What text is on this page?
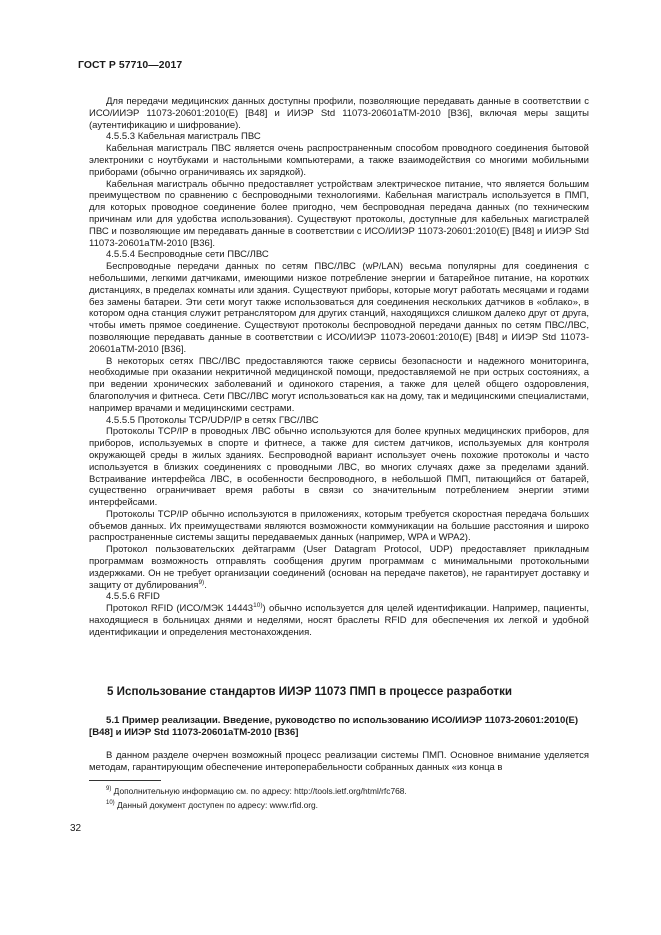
ГОСТ Р 57710—2017

Для передачи медицинских данных доступны профили, позволяющие передавать данные в соответствии с ИСО/ИИЭР 11073-20601:2010(Е) [В48] и ИИЭР Std 11073-20601aTM-2010 [B36], включая меры защиты (аутентификацию и шифрование).

4.5.5.3 Кабельная магистраль ПВС

Кабельная магистраль ПВС является очень распространенным способом проводного соединения бытовой электроники с ноутбуками и настольными компьютерами, а также взаимодействия со многими мобильными приборами (обычно ограничиваясь их зарядкой).

Кабельная магистраль обычно предоставляет устройствам электрическое питание, что является большим преимуществом по сравнению с беспроводными технологиями. Кабельная магистраль используется в ПМП, для которых проводное соединение более пригодно, чем беспроводная передача данных (по техническим причинам или для удобства использования). Существуют протоколы, доступные для кабельных магистралей ПВС и позволяющие им передавать данные в соответствии с ИСО/ИИЭР 11073-20601:2010(Е) [В48] и ИИЭР Std 11073-20601aTM-2010 [B36].

4.5.5.4 Беспроводные сети ПВС/ЛВС

Беспроводные передачи данных по сетям ПВС/ЛВС (wP/LAN) весьма популярны для соединения с небольшими, легкими датчиками, имеющими низкое потребление энергии и батарейное питание, на коротких дистанциях, в пределах комнаты или здания. Существуют приборы, которые могут работать месяцами и годами без замены батареи. Эти сети могут также использоваться для соединения нескольких датчиков в «облако», в котором одна станция служит ретранслятором для других станций, находящихся слишком далеко друг от друга, чтобы иметь прямое соединение. Существуют протоколы беспроводной передачи данных по сетям ПВС/ЛВС, позволяющие передавать данные в соответствии с ИСО/ИИЭР 11073-20601:2010(Е) [В48] и ИИЭР Std 11073-20601aTM-2010 [B36].

В некоторых сетях ПВС/ЛВС предоставляются также сервисы безопасности и надежного мониторинга, необходимые при оказании некритичной медицинской помощи, предоставляемой не при острых состояниях, а при ведении хронических заболеваний и одинокого старения, а также для целей общего оздоровления, благополучия и фитнеса. Сети ПВС/ЛВС могут использоваться как на дому, так и медицинскими специалистами, например врачами и медицинскими сестрами.

4.5.5.5 Протоколы TCP/UDP/IP в сетях ГВС/ЛВС

Протоколы TCP/IP в проводных ЛВС обычно используются для более крупных медицинских приборов, для приборов, используемых в спорте и фитнесе, а также для систем датчиков, используемых для контроля окружающей среды в жилых зданиях. Беспроводной вариант использует очень похожие протоколы и часто используется в близких соединениях с проводными ЛВС, во многих случаях даже за пределами зданий. Встраивание интерфейса ЛВС, в особенности беспроводного, в небольшой ПМП, питающийся от батарей, существенно ограничивает время работы в связи со значительным потреблением энергии этими интерфейсами.

Протоколы TCP/IP обычно используются в приложениях, которым требуется скоростная передача больших объемов данных. Их преимуществами являются возможности коммуникации на большие расстояния и широко распространенные системы защиты передаваемых данных (например, WPA и WPA2).

Протокол пользовательских дейтаграмм (User Datagram Protocol, UDP) предоставляет прикладным программам возможность отправлять сообщения другим программам с минимальными протокольными издержками. Он не требует организации соединений (основан на передаче пакетов), не гарантирует доставку и защиту от дублирования$^{9)}$.

4.5.5.6 RFID

Протокол RFID (ИСО/МЭК 14443$^{10)}$) обычно используется для целей идентификации. Например, пациенты, находящиеся в больницах днями и неделями, носят браслеты RFID для обеспечения их легкой и удобной идентификации и определения местонахождения.

5 Использование стандартов ИИЭР 11073 ПМП в процессе разработки
5.1 Пример реализации. Введение, руководство по использованию ИСО/ИИЭР 11073-20601:2010(Е) [В48] и ИИЭР Std 11073-20601aTM-2010 [B36]
В данном разделе очерчен возможный процесс реализации системы ПМП. Основное внимание уделяется методам, гарантирующим обеспечение интероперабельности собранных данных «из конца в
$^{9)}$ Дополнительную информацию см. по адресу: http://tools.ietf.org/html/rfc768.
$^{10)}$ Данный документ доступен по адресу: www.rfid.org.
32
